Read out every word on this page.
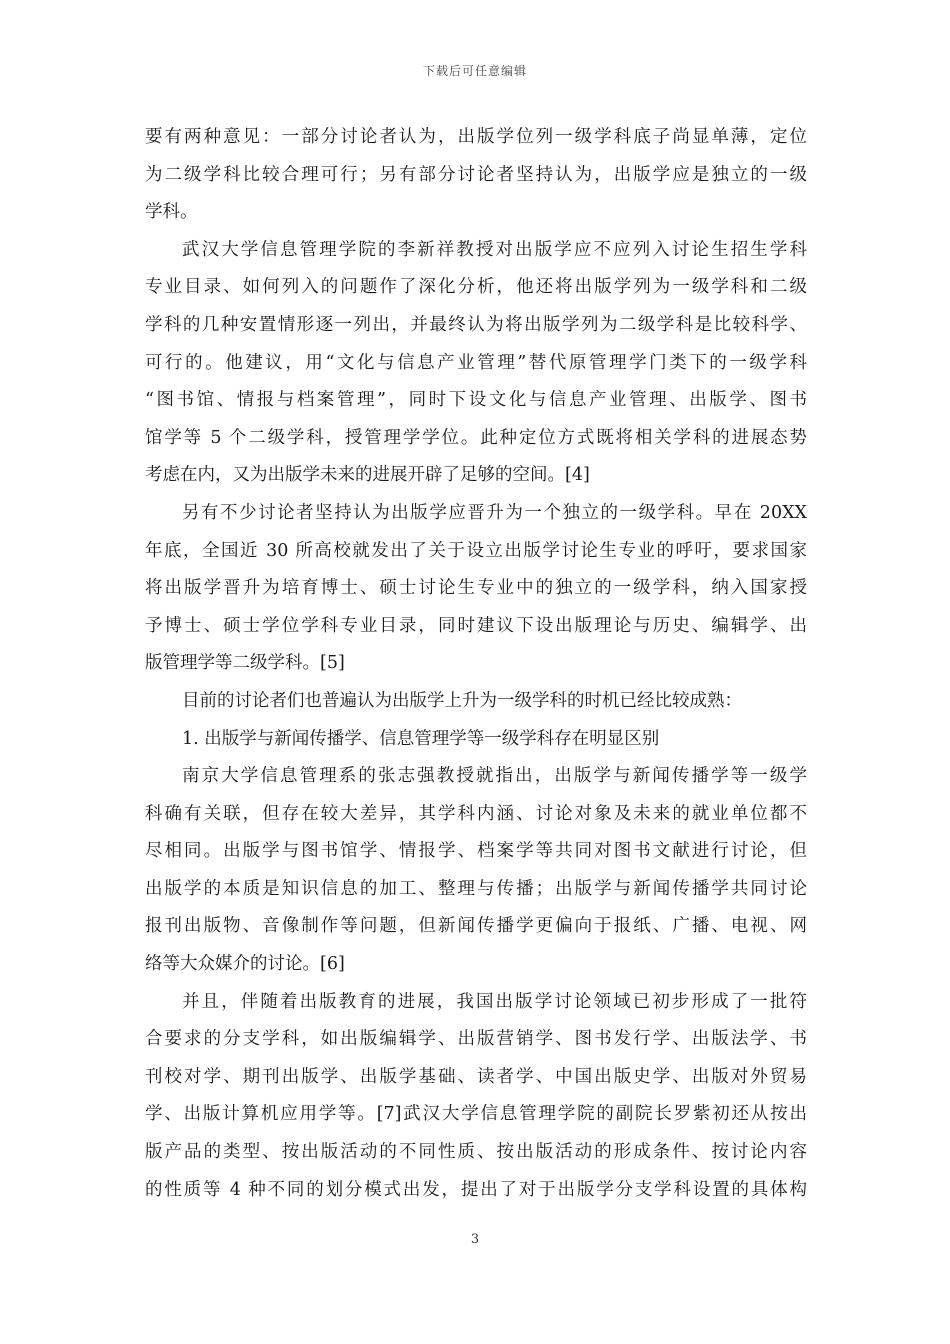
下载后可任意编辑
要有两种意见：一部分讨论者认为，出版学位列一级学科底子尚显单薄，定位
为二级学科比较合理可行；另有部分讨论者坚持认为，出版学应是独立的一级
学科。
武汉大学信息管理学院的李新祥教授对出版学应不应列入讨论生招生学科
专业目录、如何列入的问题作了深化分析，他还将出版学列为一级学科和二级
学科的几种安置情形逐一列出，并最终认为将出版学列为二级学科是比较科学、
可行的。他建议，用“文化与信息产业管理”替代原管理学门类下的一级学科
“图书馆、情报与档案管理”，同时下设文化与信息产业管理、出版学、图书
馆学等 5 个二级学科，授管理学学位。此种定位方式既将相关学科的进展态势
考虑在内，又为出版学未来的进展开辟了足够的空间。[4]
另有不少讨论者坚持认为出版学应晋升为一个独立的一级学科。早在 20XX
年底，全国近 30 所高校就发出了关于设立出版学讨论生专业的呼吁，要求国家
将出版学晋升为培育博士、硕士讨论生专业中的独立的一级学科，纳入国家授
予博士、硕士学位学科专业目录，同时建议下设出版理论与历史、编辑学、出
版管理学等二级学科。[5]
目前的讨论者们也普遍认为出版学上升为一级学科的时机已经比较成熟：
1. 出版学与新闻传播学、信息管理学等一级学科存在明显区别
南京大学信息管理系的张志强教授就指出，出版学与新闻传播学等一级学
科确有关联，但存在较大差异，其学科内涵、讨论对象及未来的就业单位都不
尽相同。出版学与图书馆学、情报学、档案学等共同对图书文献进行讨论，但
出版学的本质是知识信息的加工、整理与传播；出版学与新闻传播学共同讨论
报刊出版物、音像制作等问题，但新闻传播学更偏向于报纸、广播、电视、网
络等大众媒介的讨论。[6]
并且，伴随着出版教育的进展，我国出版学讨论领域已初步形成了一批符
合要求的分支学科，如出版编辑学、出版营销学、图书发行学、出版法学、书
刊校对学、期刊出版学、出版学基础、读者学、中国出版史学、出版对外贸易
学、出版计算机应用学等。[7]武汉大学信息管理学院的副院长罗紫初还从按出
版产品的类型、按出版活动的不同性质、按出版活动的形成条件、按讨论内容
的性质等 4 种不同的划分模式出发，提出了对于出版学分支学科设置的具体构
3
